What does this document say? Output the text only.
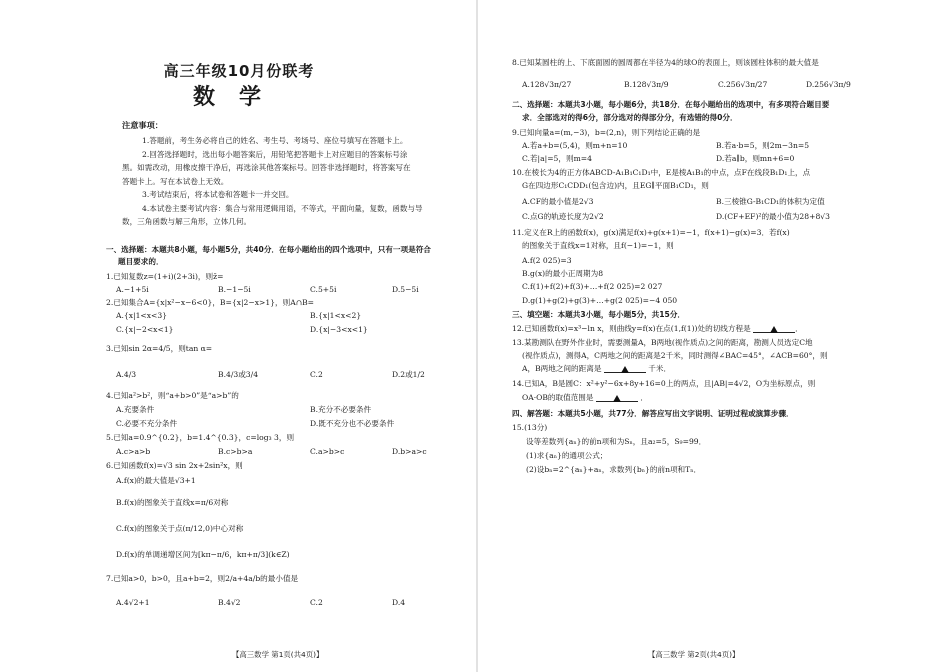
高三年级10月份联考
数学
注意事项：
1.答题前，考生务必将自己的姓名、考生号、考场号、座位号填写在答题卡上。
2.回答选择题时，选出每小题答案后，用铅笔把答题卡上对应题目的答案标号涂
黑。如需改动，用橡皮擦干净后，再选涂其他答案标号。回答非选择题时，将答案写在
答题卡上。写在本试卷上无效。
3.考试结束后，将本试卷和答题卡一并交回。
4.本试卷主要考试内容：集合与常用逻辑用语，不等式，平面向量，复数，函数与导
数，三角函数与解三角形，立体几何。
一、选择题：本题共8小题，每小题5分，共40分．在每小题给出的四个选项中，只有一项是符合
题目要求的．
1.已知复数z=(1+i)(2+3i)，则z̄=
A.−1+5i	B.−1−5i	C.5+5i	D.5−5i
2.已知集合A={x|x²−x−6<0}，B={x|2−x>1}，则A∩B=
A.{x|1<x<3}	B.{x|1<x<2}
C.{x|−2<x<1}	D.{x|−3<x<1}
3.已知sin 2α=4/5，则tan α=
A.4/3	B.4/3或3/4	C.2	D.2或1/2
4.已知a²>b²，则“a+b>0”是“a>b”的
A.充要条件	B.充分不必要条件
C.必要不充分条件	D.既不充分也不必要条件
5.已知a=0.9^{0.2}，b=1.4^{0.3}，c=log₃ 3，则
A.c>a>b	B.c>b>a	C.a>b>c	D.b>a>c
6.已知函数f(x)=√3 sin 2x+2sin²x，则
A.f(x)的最大值是√3+1
B.f(x)的图象关于直线x=π/6对称
C.f(x)的图象关于点(π/12,0)中心对称
D.f(x)的单调递增区间为[kπ−π/6，kπ+π/3](k∈Z)
7.已知a>0，b>0，且a+b=2，则2/a+4a/b的最小值是
A.4√2+1	B.4√2	C.2	D.4
【高三数学 第1页(共4页)】
8.已知某圆柱的上、下底面圆的圆周都在半径为4的球O的表面上，则该圆柱体积的最大值是
A.128√3π/27	B.128√3π/9	C.256√3π/27	D.256√3π/9
二、选择题：本题共3小题，每小题6分，共18分．在每小题给出的选项中，有多项符合题目要
求．全部选对的得6分，部分选对的得部分分，有选错的得0分．
9.已知向量a=(m,−3)，b=(2,n)，则下列结论正确的是
A.若a+b=(5,4)，则m+n=10	B.若a·b=5，则2m−3n=5
C.若|a|=5，则m=4	D.若a∥b，则mn+6=0
10.在棱长为4的正方体ABCD-A₁B₁C₁D₁中，E是棱A₁B₁的中点，点F在线段B₁D₁上，点
G在四边形C₁CDD₁(包含边)内，且EG∥平面B₁CD₁，则
A.CF的最小值是2√3	B.三棱锥G-B₁CD₁的体积为定值
C.点G的轨迹长度为2√2	D.(CF+EF)²的最小值为28+8√3
11.定义在R上的函数f(x)，g(x)满足f(x)+g(x+1)=−1，f(x+1)−g(x)=3．若f(x)
的图象关于直线x=1对称，且f(−1)=−1，则
A.f(2 025)=3
B.g(x)的最小正周期为8
C.f(1)+f(2)+f(3)+…+f(2 025)=2 027
D.g(1)+g(2)+g(3)+…+g(2 025)=−4 050
三、填空题：本题共3小题，每小题5分，共15分．
12.已知函数f(x)=x³−ln x，则曲线y=f(x)在点(1,f(1))处的切线方程是	．
13.某勘测队在野外作业时，需要测量A，B两地(视作质点)之间的距离，勘测人员选定C地
(视作质点)，测得A，C两地之间的距离是2千米，同时测得∠BAC=45°，∠ACB=60°，则
A，B两地之间的距离是	千米．
14.已知A，B是圆C：x²+y²−6x+8y+16=0上的两点，且|AB|=4√2，O为坐标原点，则
OA·OB的取值范围是	．
四、解答题：本题共5小题，共77分．解答应写出文字说明、证明过程或演算步骤．
15.(13分)
设等差数列{aₙ}的前n项和为Sₙ，且a₂=5，S₉=99．
(1)求{aₙ}的通项公式；
(2)设bₙ=2^{aₙ}+aₙ，求数列{bₙ}的前n项和Tₙ．
【高三数学 第2页(共4页)】
